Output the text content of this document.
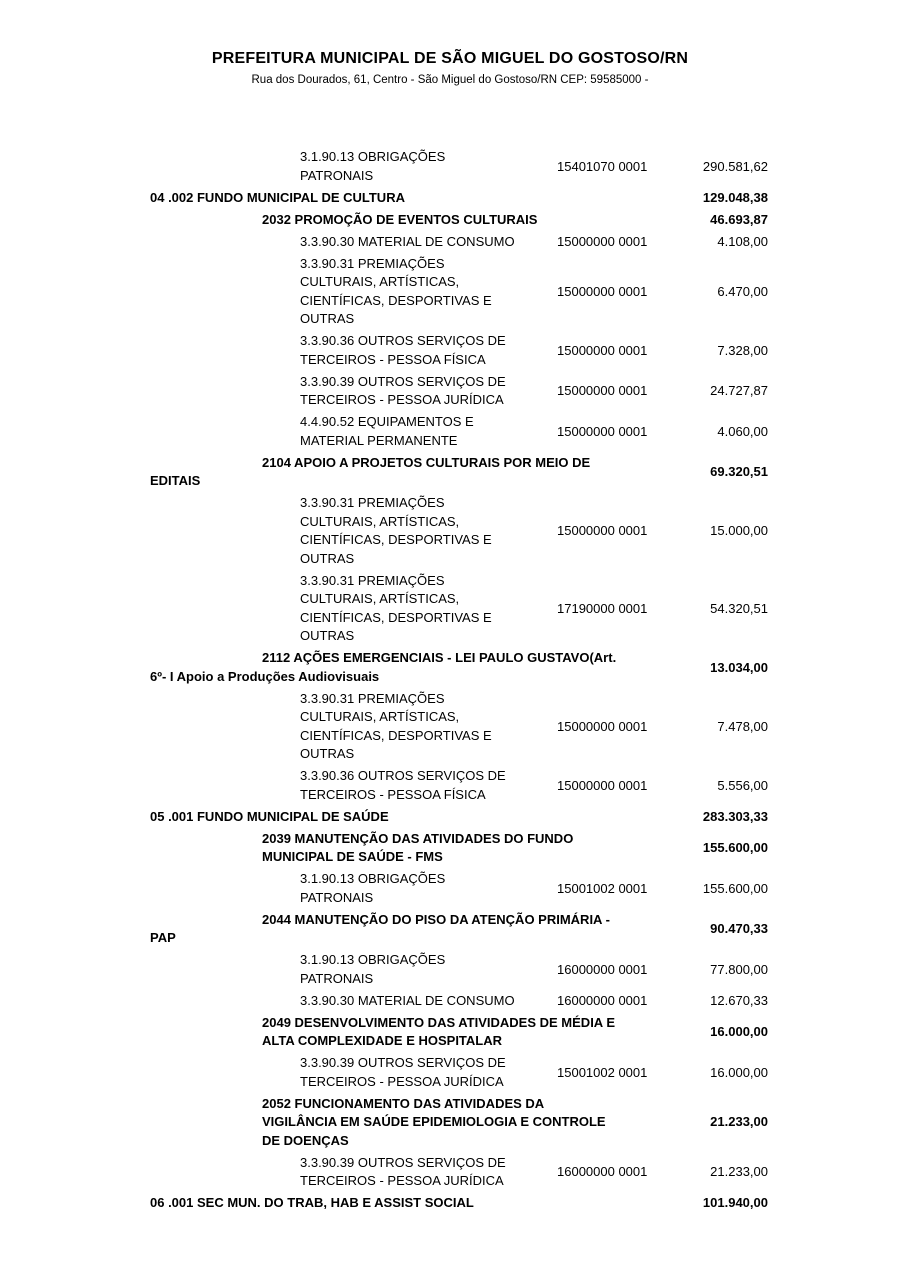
PREFEITURA MUNICIPAL DE SÃO MIGUEL DO GOSTOSO/RN
Rua dos Dourados, 61, Centro - São Miguel do Gostoso/RN CEP: 59585000 -
3.1.90.13 OBRIGAÇÕES
PATRONAIS
15401070 0001	290.581,62
04 .002 FUNDO MUNICIPAL DE CULTURA	129.048,38
2032 PROMOÇÃO DE EVENTOS CULTURAIS	46.693,87
3.3.90.30 MATERIAL DE CONSUMO	15000000 0001	4.108,00
3.3.90.31 PREMIAÇÕES
CULTURAIS, ARTÍSTICAS,
CIENTÍFICAS, DESPORTIVAS E
OUTRAS
15000000 0001	6.470,00
3.3.90.36 OUTROS SERVIÇOS DE
TERCEIROS - PESSOA FÍSICA
15000000 0001	7.328,00
3.3.90.39 OUTROS SERVIÇOS DE
TERCEIROS - PESSOA JURÍDICA
15000000 0001	24.727,87
4.4.90.52 EQUIPAMENTOS E
MATERIAL PERMANENTE
15000000 0001	4.060,00
2104 APOIO A PROJETOS CULTURAIS POR MEIO DE
EDITAIS
69.320,51
3.3.90.31 PREMIAÇÕES
CULTURAIS, ARTÍSTICAS,
CIENTÍFICAS, DESPORTIVAS E
OUTRAS
15000000 0001	15.000,00
3.3.90.31 PREMIAÇÕES
CULTURAIS, ARTÍSTICAS,
CIENTÍFICAS, DESPORTIVAS E
OUTRAS
17190000 0001	54.320,51
2112 AÇÕES EMERGENCIAIS - LEI PAULO GUSTAVO(Art.
6º- I Apoio a Produções Audiovisuais
13.034,00
3.3.90.31 PREMIAÇÕES
CULTURAIS, ARTÍSTICAS,
CIENTÍFICAS, DESPORTIVAS E
OUTRAS
15000000 0001	7.478,00
3.3.90.36 OUTROS SERVIÇOS DE
TERCEIROS - PESSOA FÍSICA
15000000 0001	5.556,00
05 .001 FUNDO MUNICIPAL DE SAÚDE	283.303,33
2039 MANUTENÇÃO DAS ATIVIDADES DO FUNDO
MUNICIPAL DE SAÚDE - FMS
155.600,00
3.1.90.13 OBRIGAÇÕES
PATRONAIS
15001002 0001	155.600,00
2044 MANUTENÇÃO DO PISO DA ATENÇÃO PRIMÁRIA -
PAP
90.470,33
3.1.90.13 OBRIGAÇÕES
PATRONAIS
16000000 0001	77.800,00
3.3.90.30 MATERIAL DE CONSUMO	16000000 0001	12.670,33
2049 DESENVOLVIMENTO DAS ATIVIDADES DE MÉDIA E
ALTA COMPLEXIDADE E HOSPITALAR
16.000,00
3.3.90.39 OUTROS SERVIÇOS DE
TERCEIROS - PESSOA JURÍDICA
15001002 0001	16.000,00
2052 FUNCIONAMENTO DAS ATIVIDADES DA
VIGILÂNCIA EM SAÚDE EPIDEMIOLOGIA E CONTROLE
DE DOENÇAS
21.233,00
3.3.90.39 OUTROS SERVIÇOS DE
TERCEIROS - PESSOA JURÍDICA
16000000 0001	21.233,00
06 .001 SEC MUN. DO TRAB, HAB E ASSIST SOCIAL	101.940,00
